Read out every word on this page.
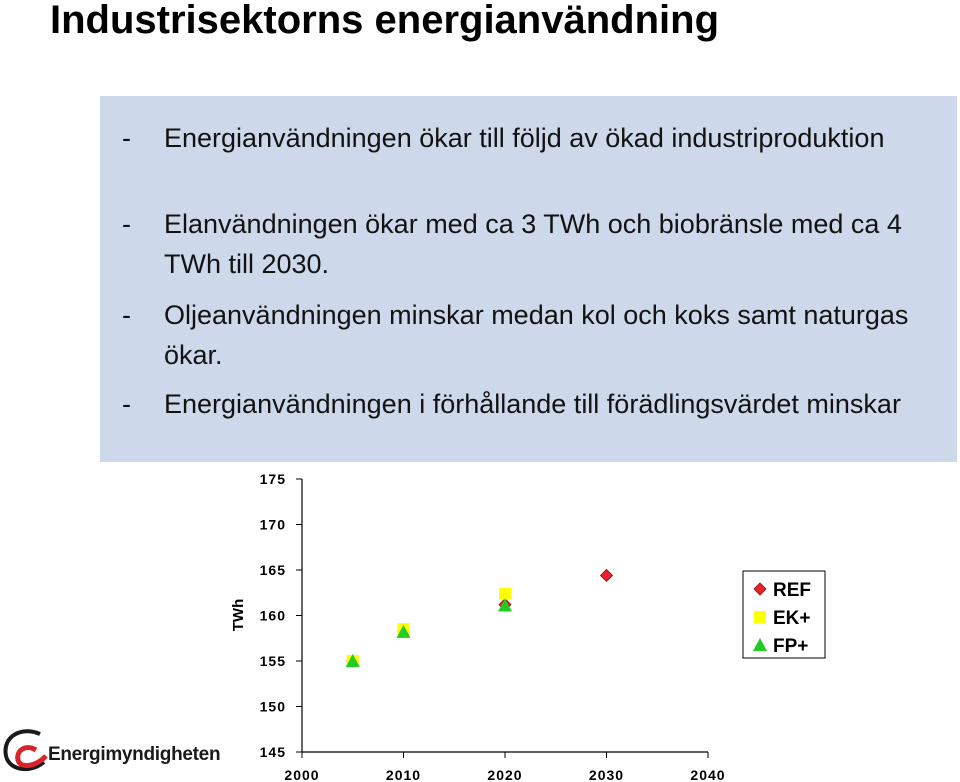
Industrisektorns energianvändning
-	Energianvändningen ökar till följd av ökad industriproduktion
-	Elanvändningen ökar med ca 3 TWh och biobränsle med ca 4 TWh till 2030.
-	Oljeanvändningen minskar medan kol och koks samt naturgas ökar.
-	Energianvändningen i förhållande till förädlingsvärdet minskar
145
150
155
160
165
170
175
2000	2010	2020	2030	2040
TWh
REF
EK+
FP+
Energimyndigheten
